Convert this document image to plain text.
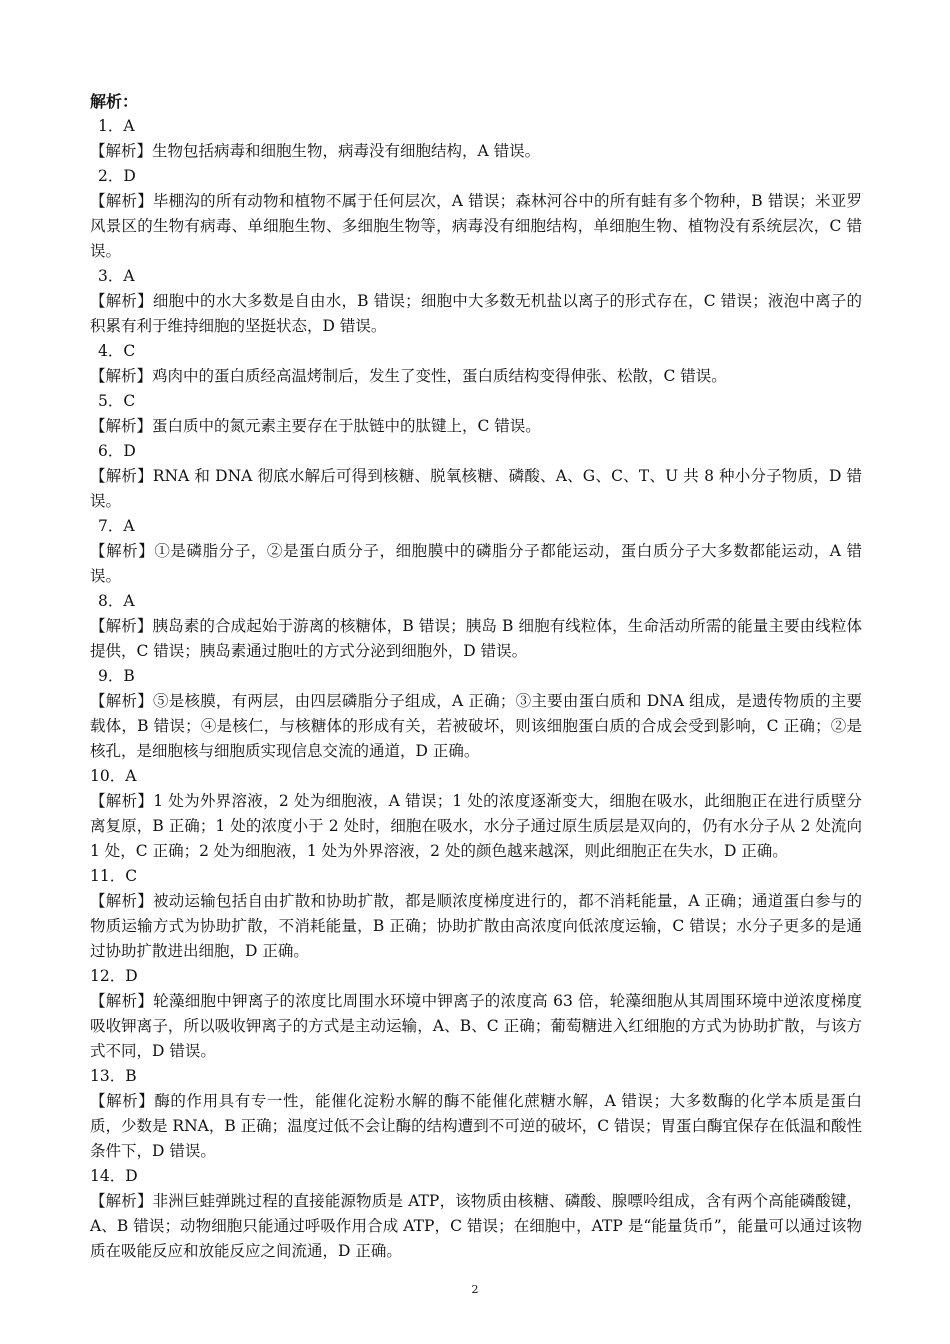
解析：
1．A
【解析】生物包括病毒和细胞生物，病毒没有细胞结构，A 错误。
2．D
【解析】毕棚沟的所有动物和植物不属于任何层次，A 错误；森林河谷中的所有蛙有多个物种，B 错误；米亚罗风景区的生物有病毒、单细胞生物、多细胞生物等，病毒没有细胞结构，单细胞生物、植物没有系统层次，C 错误。
3．A
【解析】细胞中的水大多数是自由水，B 错误；细胞中大多数无机盐以离子的形式存在，C 错误；液泡中离子的积累有利于维持细胞的坚挺状态，D 错误。
4．C
【解析】鸡肉中的蛋白质经高温烤制后，发生了变性，蛋白质结构变得伸张、松散，C 错误。
5．C
【解析】蛋白质中的氮元素主要存在于肽链中的肽键上，C 错误。
6．D
【解析】RNA 和 DNA 彻底水解后可得到核糖、脱氧核糖、磷酸、A、G、C、T、U 共 8 种小分子物质，D 错误。
7．A
【解析】①是磷脂分子，②是蛋白质分子，细胞膜中的磷脂分子都能运动，蛋白质分子大多数都能运动，A 错误。
8．A
【解析】胰岛素的合成起始于游离的核糖体，B 错误；胰岛 B 细胞有线粒体，生命活动所需的能量主要由线粒体提供，C 错误；胰岛素通过胞吐的方式分泌到细胞外，D 错误。
9．B
【解析】⑤是核膜，有两层，由四层磷脂分子组成，A 正确；③主要由蛋白质和 DNA 组成，是遗传物质的主要载体，B 错误；④是核仁，与核糖体的形成有关，若被破坏，则该细胞蛋白质的合成会受到影响，C 正确；②是核孔，是细胞核与细胞质实现信息交流的通道，D 正确。
10．A
【解析】1 处为外界溶液，2 处为细胞液，A 错误；1 处的浓度逐渐变大，细胞在吸水，此细胞正在进行质壁分离复原，B 正确；1 处的浓度小于 2 处时，细胞在吸水，水分子通过原生质层是双向的，仍有水分子从 2 处流向 1 处，C 正确；2 处为细胞液，1 处为外界溶液，2 处的颜色越来越深，则此细胞正在失水，D 正确。
11．C
【解析】被动运输包括自由扩散和协助扩散，都是顺浓度梯度进行的，都不消耗能量，A 正确；通道蛋白参与的物质运输方式为协助扩散，不消耗能量，B 正确；协助扩散由高浓度向低浓度运输，C 错误；水分子更多的是通过协助扩散进出细胞，D 正确。
12．D
【解析】轮藻细胞中钾离子的浓度比周围水环境中钾离子的浓度高 63 倍，轮藻细胞从其周围环境中逆浓度梯度吸收钾离子，所以吸收钾离子的方式是主动运输，A、B、C 正确；葡萄糖进入红细胞的方式为协助扩散，与该方式不同，D 错误。
13．B
【解析】酶的作用具有专一性，能催化淀粉水解的酶不能催化蔗糖水解，A 错误；大多数酶的化学本质是蛋白质，少数是 RNA，B 正确；温度过低不会让酶的结构遭到不可逆的破坏，C 错误；胃蛋白酶宜保存在低温和酸性条件下，D 错误。
14．D
【解析】非洲巨蛙弹跳过程的直接能源物质是 ATP，该物质由核糖、磷酸、腺嘌呤组成，含有两个高能磷酸键，A、B 错误；动物细胞只能通过呼吸作用合成 ATP，C 错误；在细胞中，ATP 是“能量货币”，能量可以通过该物质在吸能反应和放能反应之间流通，D 正确。
2
